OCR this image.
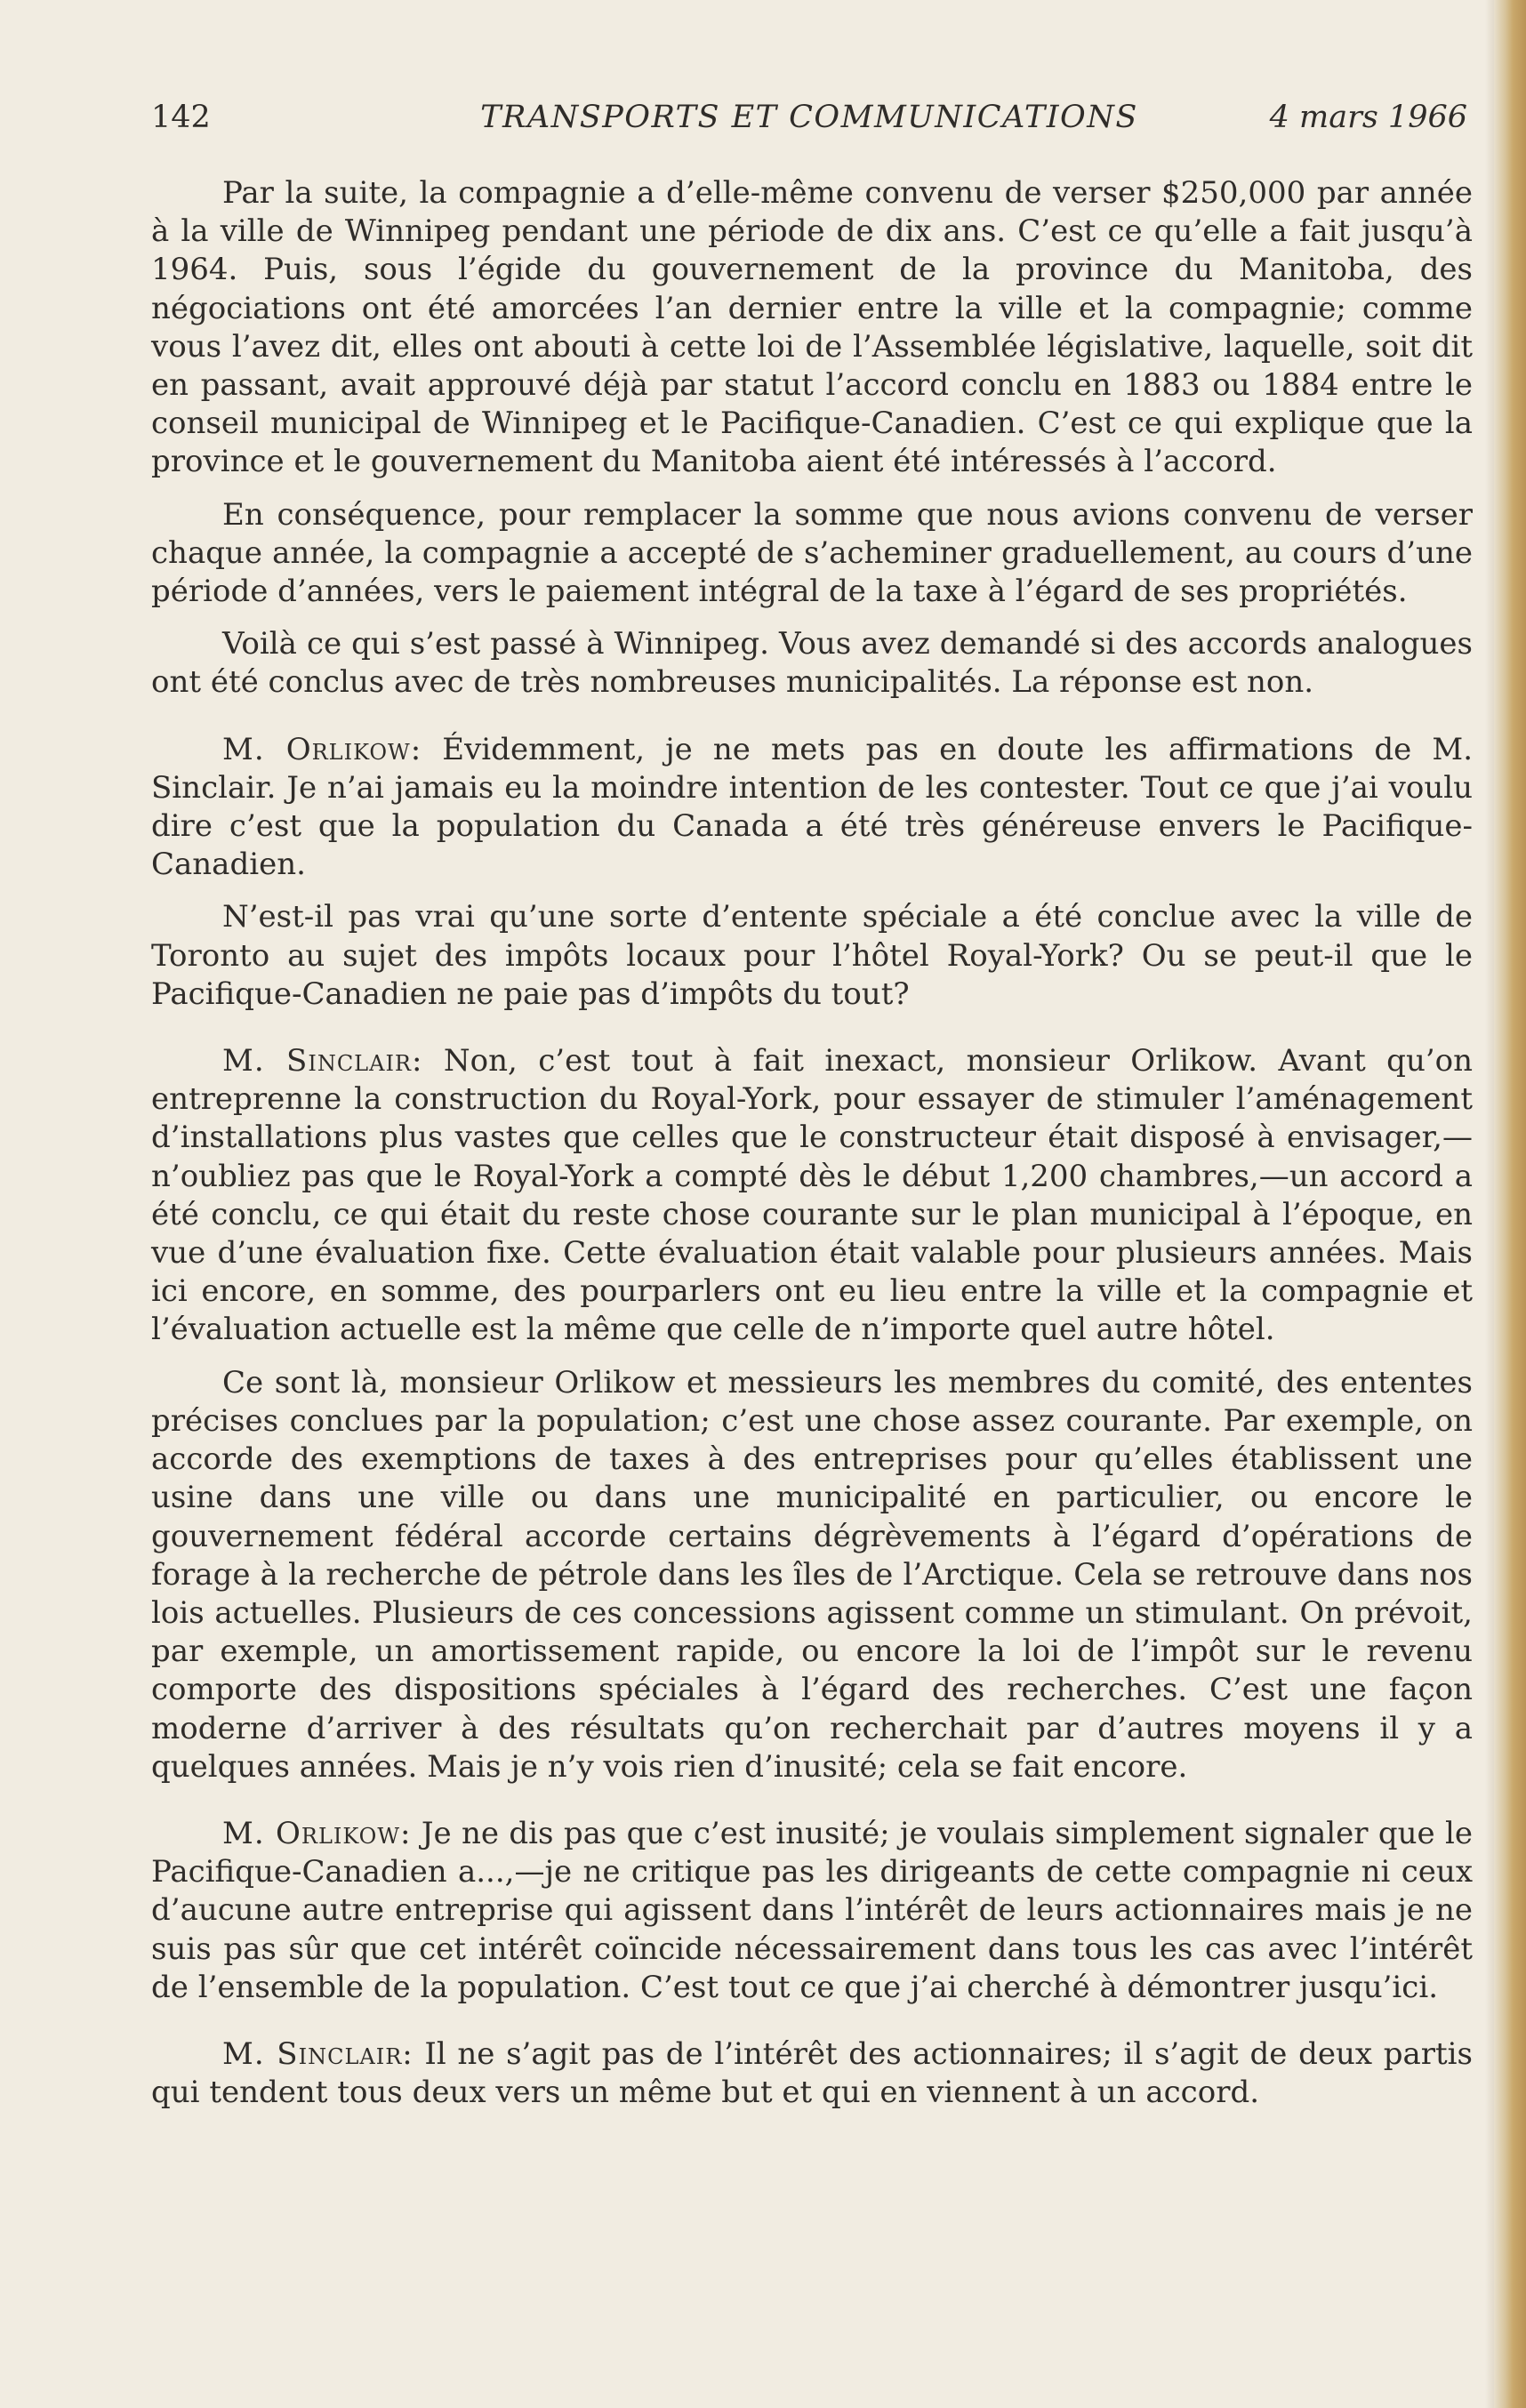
142	TRANSPORTS ET COMMUNICATIONS	4 mars 1966

Par la suite, la compagnie a d’elle-même convenu de verser $250,000 par année à la ville de Winnipeg pendant une période de dix ans. C’est ce qu’elle a fait jusqu’à 1964. Puis, sous l’égide du gouvernement de la province du Manitoba, des négociations ont été amorcées l’an dernier entre la ville et la compagnie; comme vous l’avez dit, elles ont abouti à cette loi de l’Assemblée législative, laquelle, soit dit en passant, avait approuvé déjà par statut l’accord conclu en 1883 ou 1884 entre le conseil municipal de Winnipeg et le Pacifique-Canadien. C’est ce qui explique que la province et le gouvernement du Manitoba aient été intéressés à l’accord.

En conséquence, pour remplacer la somme que nous avions convenu de verser chaque année, la compagnie a accepté de s’acheminer graduellement, au cours d’une période d’années, vers le paiement intégral de la taxe à l’égard de ses propriétés.

Voilà ce qui s’est passé à Winnipeg. Vous avez demandé si des accords analogues ont été conclus avec de très nombreuses municipalités. La réponse est non.

M. Orlikow: Évidemment, je ne mets pas en doute les affirmations de M. Sinclair. Je n’ai jamais eu la moindre intention de les contester. Tout ce que j’ai voulu dire c’est que la population du Canada a été très généreuse envers le Pacifique-Canadien.

N’est-il pas vrai qu’une sorte d’entente spéciale a été conclue avec la ville de Toronto au sujet des impôts locaux pour l’hôtel Royal-York? Ou se peut-il que le Pacifique-Canadien ne paie pas d’impôts du tout?

M. Sinclair: Non, c’est tout à fait inexact, monsieur Orlikow. Avant qu’on entreprenne la construction du Royal-York, pour essayer de stimuler l’aménagement d’installations plus vastes que celles que le constructeur était disposé à envisager,—n’oubliez pas que le Royal-York a compté dès le début 1,200 chambres,—un accord a été conclu, ce qui était du reste chose courante sur le plan municipal à l’époque, en vue d’une évaluation fixe. Cette évaluation était valable pour plusieurs années. Mais ici encore, en somme, des pourparlers ont eu lieu entre la ville et la compagnie et l’évaluation actuelle est la même que celle de n’importe quel autre hôtel.

Ce sont là, monsieur Orlikow et messieurs les membres du comité, des ententes précises conclues par la population; c’est une chose assez courante. Par exemple, on accorde des exemptions de taxes à des entreprises pour qu’elles établissent une usine dans une ville ou dans une municipalité en particulier, ou encore le gouvernement fédéral accorde certains dégrèvements à l’égard d’opérations de forage à la recherche de pétrole dans les îles de l’Arctique. Cela se retrouve dans nos lois actuelles. Plusieurs de ces concessions agissent comme un stimulant. On prévoit, par exemple, un amortissement rapide, ou encore la loi de l’impôt sur le revenu comporte des dispositions spéciales à l’égard des recherches. C’est une façon moderne d’arriver à des résultats qu’on recherchait par d’autres moyens il y a quelques années. Mais je n’y vois rien d’inusité; cela se fait encore.

M. Orlikow: Je ne dis pas que c’est inusité; je voulais simplement signaler que le Pacifique-Canadien a...,—je ne critique pas les dirigeants de cette compagnie ni ceux d’aucune autre entreprise qui agissent dans l’intérêt de leurs actionnaires mais je ne suis pas sûr que cet intérêt coïncide nécessairement dans tous les cas avec l’intérêt de l’ensemble de la population. C’est tout ce que j’ai cherché à démontrer jusqu’ici.

M. Sinclair: Il ne s’agit pas de l’intérêt des actionnaires; il s’agit de deux partis qui tendent tous deux vers un même but et qui en viennent à un accord.
